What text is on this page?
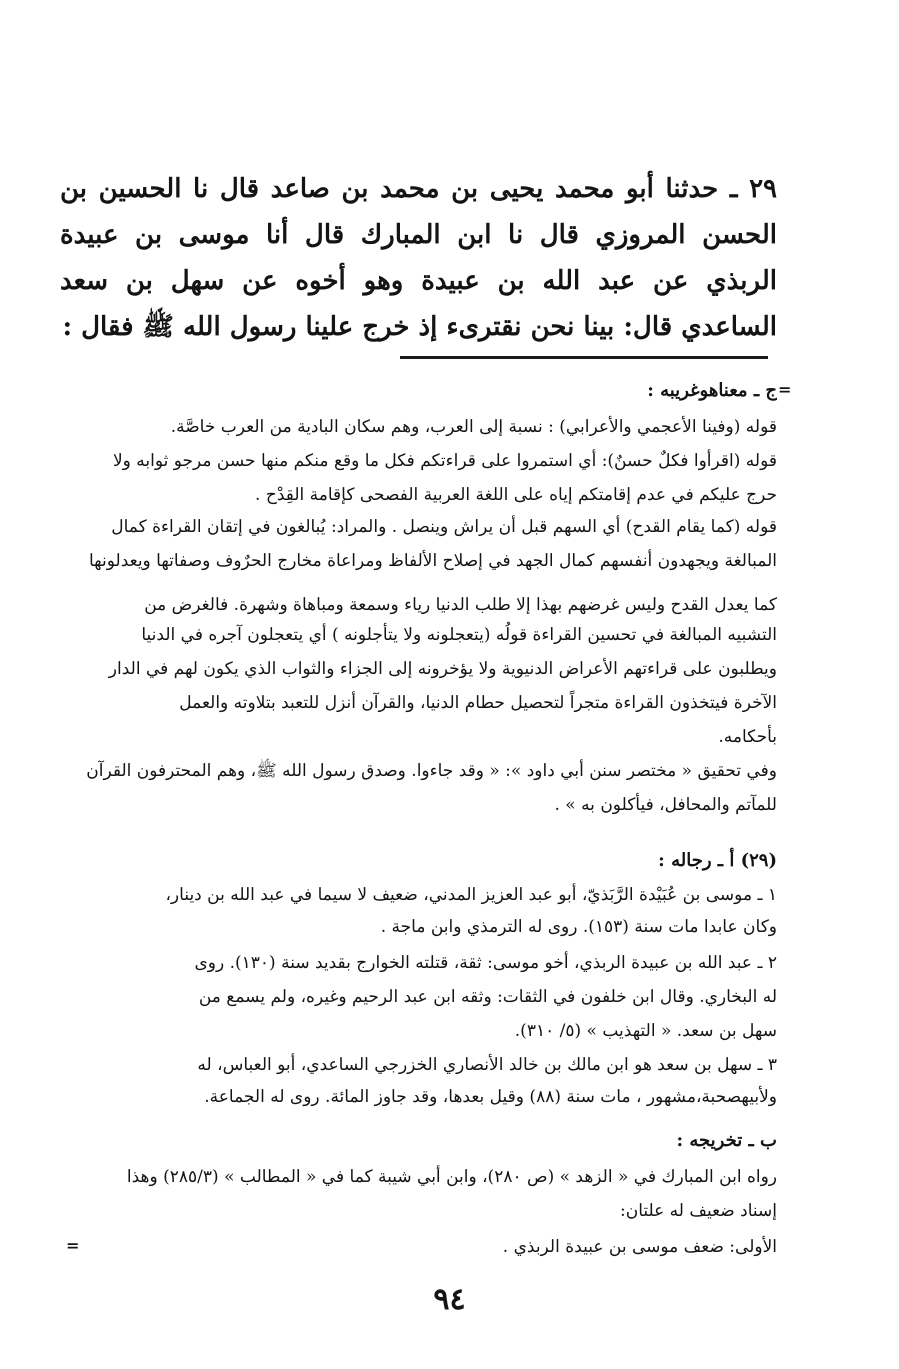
٢٩ ـ حدثنا أبو محمد يحيى بن محمد بن صاعد قال نا الحسين بن الحسن المروزي قال نا ابن المبارك قال أنا موسى بن عبيدة الربذي عن عبد الله بن عبيدة وهو أخوه عن سهل بن سعد الساعدي قال: بينا نحن نقترىء إذ خرج علينا رسول الله ﷺ فقال :

=

ج ـ معناهوغريبه :

قوله (وفينا الأعجمي والأعرابي) : نسبة إلى العرب، وهم سكان البادية من العرب خاصَّة.

قوله (اقرأوا فكلٌ حسنٌ): أي استمروا على قراءتكم فكل ما وقع منكم منها حسن مرجو ثوابه ولا

حرج عليكم في عدم إقامتكم إياه على اللغة العربية الفصحى كإقامة القِدْح .

قوله (كما يقام القدح) أي السهم قبل أن يراش وينصل . والمراد: يُبالغون في إتقان القراءة كمال

المبالغة ويجهدون أنفسهم كمال الجهد في إصلاح الألفاظ ومراعاة مخارج الحرٌوف وصفاتها ويعدلونها

كما يعدل القدح وليس غرضهم بهذا إلا طلب الدنيا رياء وسمعة ومباهاة وشهرة. فالغرض من

التشبيه المبالغة في تحسين القراءة قولُه (يتعجلونه ولا يتأجلونه ) أي يتعجلون آجره في الدنيا

ويطلبون على قراءتهم الأعراض الدنيوية ولا يؤخرونه إلى الجزاء والثواب الذي يكون لهم في الدار

الآخرة فيتخذون القراءة متجراً لتحصيل حطام الدنيا، والقرآن أنزل للتعبد بتلاوته والعمل

بأحكامه.

وفي تحقيق « مختصر سنن أبي داود »: « وقد جاءوا. وصدق رسول الله ﷺ، وهم المحترفون القرآن

للمآتم والمحافل، فيأكلون به » .

(٢٩) أ ـ رجاله :

١ ـ موسى بن عُبَيْدة الرَّبَذيّ، أبو عبد العزيز المدني، ضعيف لا سيما في عبد الله بن دينار،

وكان عابدا مات سنة (١٥٣). روى له الترمذي وابن ماجة .

٢ ـ عبد الله بن عبيدة الربذي، أخو موسى: ثقة، قتلته الخوارج بقديد سنة (١٣٠). روى

له البخاري. وقال ابن خلفون في الثقات: وثقه ابن عبد الرحيم وغيره، ولم يسمع من

سهل بن سعد. « التهذيب » (٥/ ٣١٠).

٣ ـ سهل بن سعد هو ابن مالك بن خالد الأنصاري الخزرجي الساعدي، أبو العباس، له

ولأبيهصحبة،مشهور ، مات سنة (٨٨) وقيل بعدها، وقد جاوز المائة. روى له الجماعة.

ب ـ تخريجه :

رواه ابن المبارك في « الزهد » (ص ٢٨٠)، وابن أبي شيبة كما في « المطالب » (٢٨٥/٣) وهذا

إسناد ضعيف له علتان:

الأولى: ضعف موسى بن عبيدة الربذي .

=
٩٤
